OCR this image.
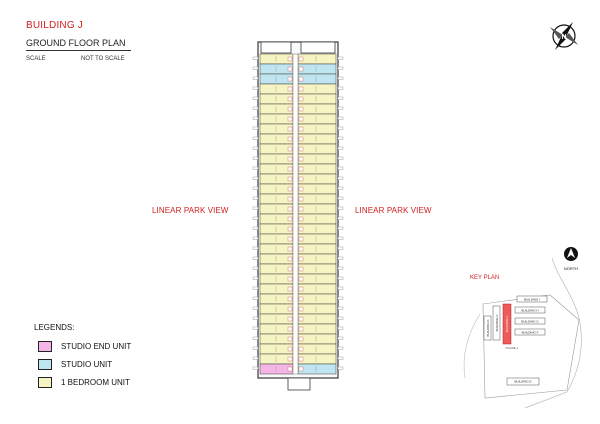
BUILDING J
GROUND FLOOR PLAN
SCALE	NOT TO SCALE
LINEAR PARK VIEW	LINEAR PARK VIEW
N
LEGENDS:
STUDIO END UNIT
STUDIO UNIT
1 BEDROOM UNIT
KEY PLAN
NORTH
BUILDING K BUILDING F BUILDING J
BUILDING I
BUILDING H
BUILDING G
BUILDING F
PHASE 1
BUILDING E
